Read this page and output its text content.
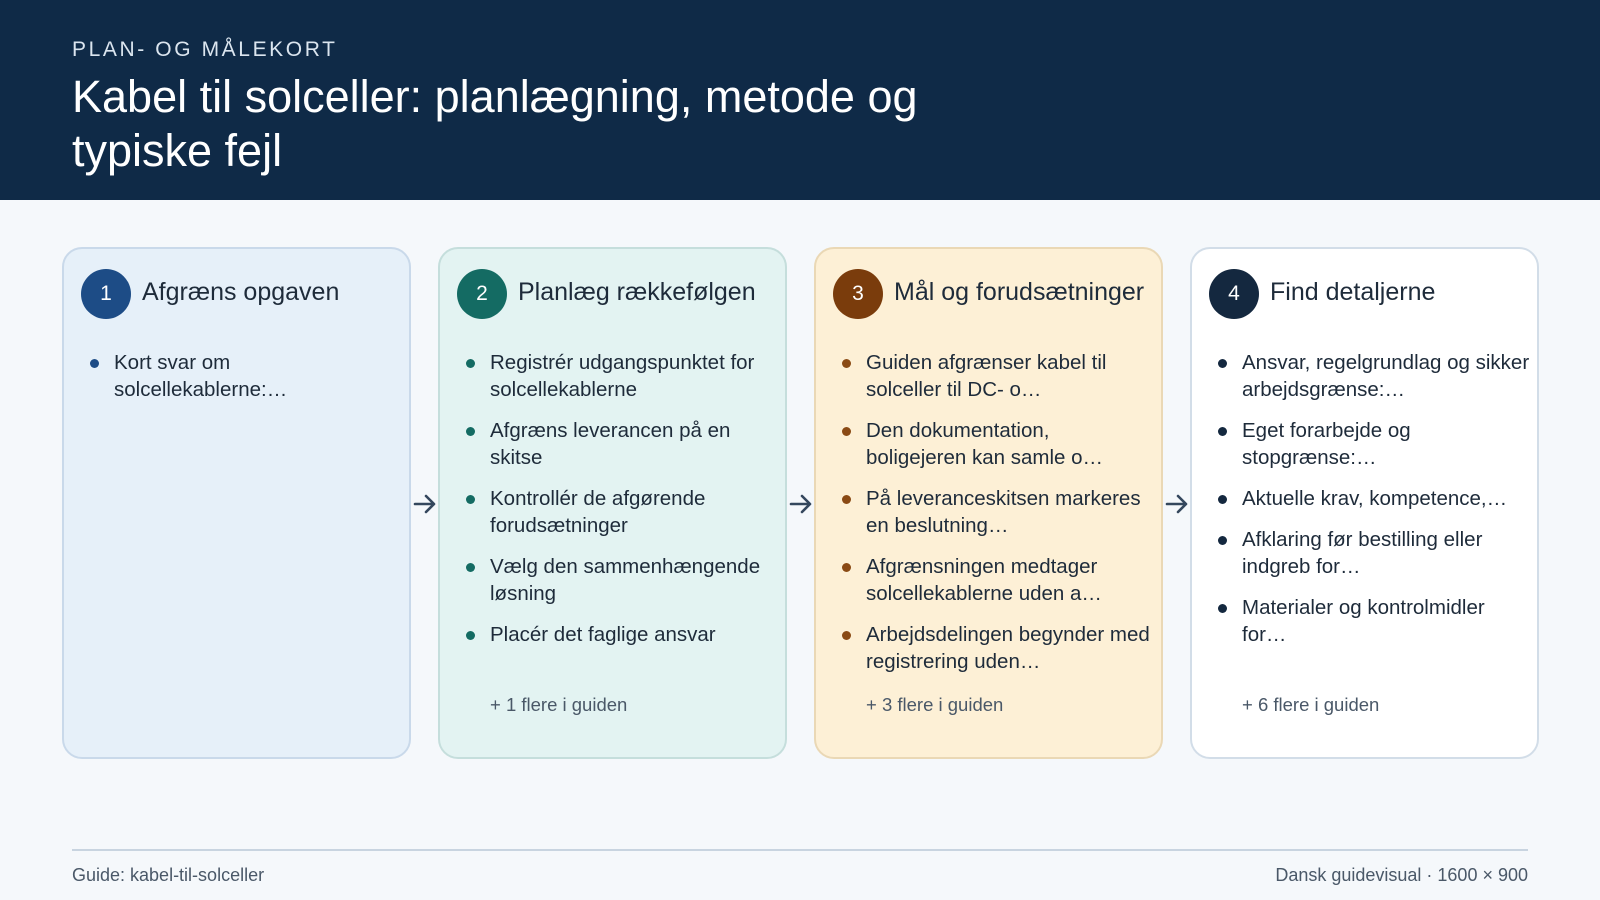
PLAN- OG MÅLEKORT
Kabel til solceller: planlægning, metode og typiske fejl
1	Afgræns opgaven
Kort svar om solcellekablerne:…
2	Planlæg rækkefølgen
Registrér udgangspunktet for solcellekablerne
Afgræns leverancen på en skitse
Kontrollér de afgørende forudsætninger
Vælg den sammenhængende løsning
Placér det faglige ansvar
+ 1 flere i guiden
3	Mål og forudsætninger
Guiden afgrænser kabel til solceller til DC- o…
Den dokumentation, boligejeren kan samle o…
På leveranceskitsen markeres en beslutning…
Afgrænsningen medtager solcellekablerne uden a…
Arbejdsdelingen begynder med registrering uden…
+ 3 flere i guiden
4	Find detaljerne
Ansvar, regelgrundlag og sikker arbejdsgrænse:…
Eget forarbejde og stopgrænse:…
Aktuelle krav, kompetence,…
Afklaring før bestilling eller indgreb for…
Materialer og kontrolmidler for…
+ 6 flere i guiden
Guide: kabel-til-solceller	Dansk guidevisual · 1600 × 900
